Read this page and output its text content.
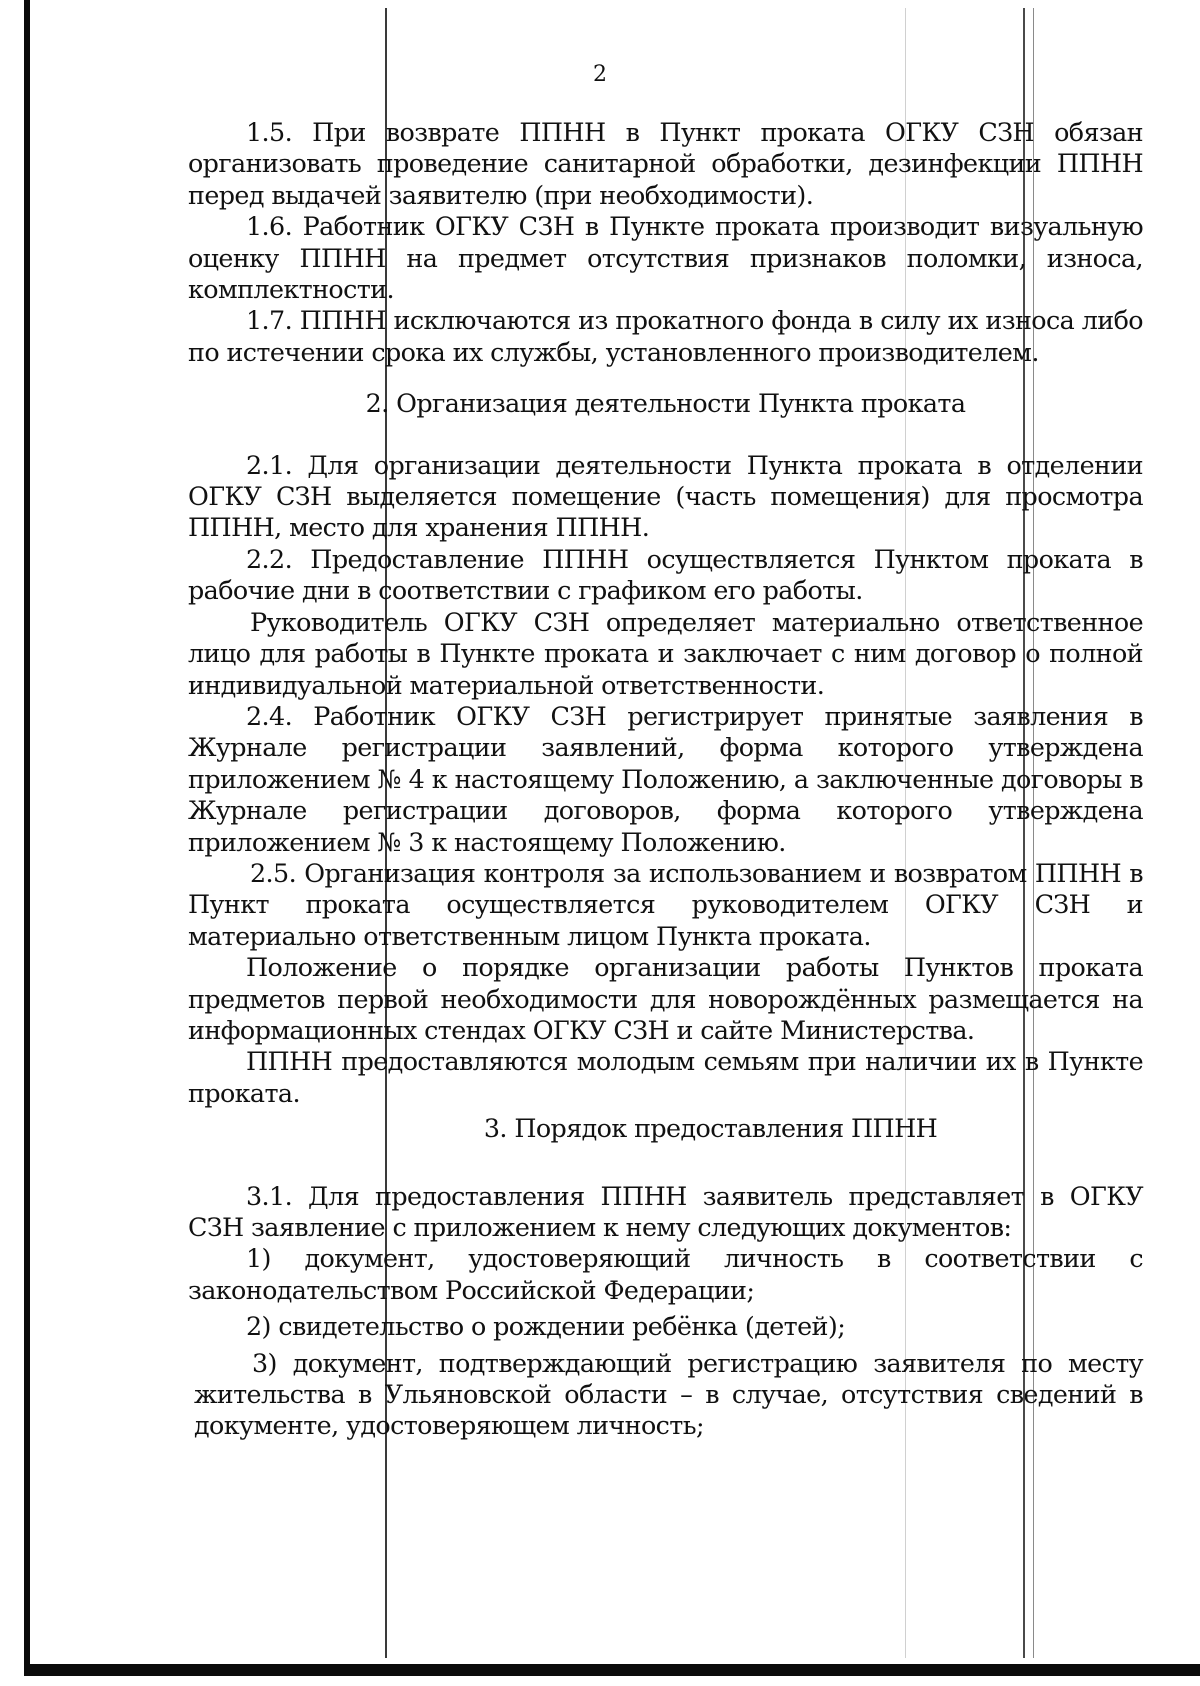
2

1.5. При возврате ППНН в Пункт проката ОГКУ СЗН обязан организовать проведение санитарной обработки, дезинфекции ППНН перед выдачей заявителю (при необходимости).

1.6. Работник ОГКУ СЗН в Пункте проката производит визуальную оценку ППНН на предмет отсутствия признаков поломки, износа, комплектности.

1.7. ППНН исключаются из прокатного фонда в силу их износа либо по истечении срока их службы, установленного производителем.

2. Организация деятельности Пункта проката

2.1. Для организации деятельности Пункта проката в отделении ОГКУ СЗН выделяется помещение (часть помещения) для просмотра ППНН, место для хранения ППНН.

2.2. Предоставление ППНН осуществляется Пунктом проката в рабочие дни в соответствии с графиком его работы.

Руководитель ОГКУ СЗН определяет материально ответственное лицо для работы в Пункте проката и заключает с ним договор о полной индивидуальной материальной ответственности.

2.4. Работник ОГКУ СЗН регистрирует принятые заявления в Журнале регистрации заявлений, форма которого утверждена приложением № 4 к настоящему Положению, а заключенные договоры в Журнале регистрации договоров, форма которого утверждена приложением № 3 к настоящему Положению.

2.5. Организация контроля за использованием и возвратом ППНН в Пункт проката осуществляется руководителем ОГКУ СЗН и материально ответственным лицом Пункта проката.

Положение о порядке организации работы Пунктов проката предметов первой необходимости для новорождённых размещается на информационных стендах ОГКУ СЗН и сайте Министерства.

ППНН предоставляются молодым семьям при наличии их в Пункте проката.

3. Порядок предоставления ППНН

3.1. Для предоставления ППНН заявитель представляет в ОГКУ СЗН заявление с приложением к нему следующих документов:

1) документ, удостоверяющий личность в соответствии с законодательством Российской Федерации;

2) свидетельство о рождении ребёнка (детей);

3) документ, подтверждающий регистрацию заявителя по месту жительства в Ульяновской области – в случае, отсутствия сведений в документе, удостоверяющем личность;
